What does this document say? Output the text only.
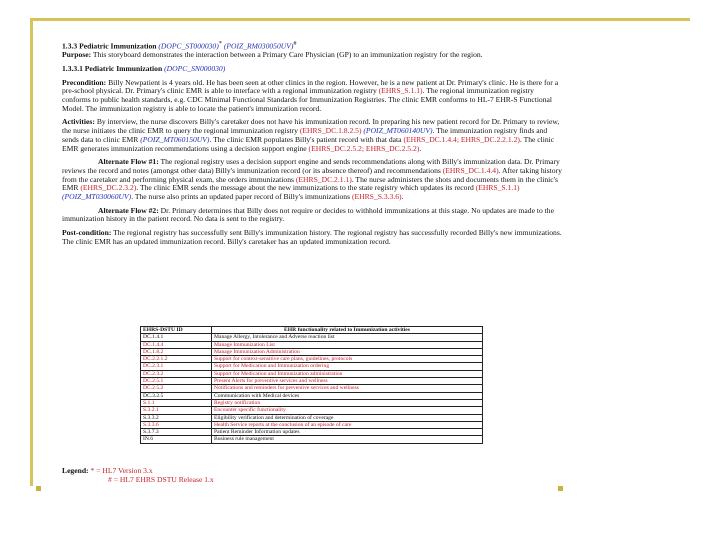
1.3.3 Pediatric Immunization (DOPC_ST000030)* (POIZ_RM030050UV)#
Purpose: This storyboard demonstrates the interaction between a Primary Care Physician (GP) to an immunization registry for the region.

1.3.3.1 Pediatric Immunization (DOPC_SN000030)

Precondition: Billy Newpatient is 4 years old. He has been seen at other clinics in the region. However, he is a new patient at Dr. Primary's clinic. He is there for a pre-school physical. Dr. Primary's clinic EMR is able to interface with a regional immunization registry (EHRS_S.1.1). The regional immunization registry conforms to public health standards, e.g. CDC Minimal Functional Standards for Immunization Registries. The clinic EMR conforms to HL-7 EHR-S Functional Model. The immunization registry is able to locate the patient's immunization record.

Activities: By interview, the nurse discovers Billy's caretaker does not have his immunization record. In preparing his new patient record for Dr. Primary to review, the nurse initiates the clinic EMR to query the regional immunization registry (EHRS_DC.1.8.2.5) (POIZ_MT060140UV). The immunization registry finds and sends data to clinic EMR (POIZ_MT060150UV). The clinic EMR populates Billy's patient record with that data (EHRS_DC.1.4.4; EHRS_DC.2.2.1.2). The clinic EMR generates immunization recommendations using a decision support engine (EHRS_DC.2.5.2; EHRS_DC.2.5.2).

Alternate Flow #1: The regional registry uses a decision support engine and sends recommendations along with Billy's immunization data. Dr. Primary reviews the record and notes (amongst other data) Billy's immunization record (or its absence thereof) and recommendations (EHRS_DC.1.4.4). After taking history from the caretaker and performing physical exam, she orders immunizations (EHRS_DC.2.1.1). The nurse administers the shots and documents them in the clinic's EMR (EHRS_DC.2.3.2). The clinic EMR sends the message about the new immunizations to the state registry which updates its record (EHRS_S.1.1) (POIZ_MT030060UV). The nurse also prints an updated paper record of Billy's immunizations (EHRS_S.3.3.6).

Alternate Flow #2: Dr. Primary determines that Billy does not require or decides to withhold immunizations at this stage. No updates are made to the immunization history in the patient record. No data is sent to the registry.

Post-condition: The regional registry has successfully sent Billy's immunization history. The regional registry has successfully recorded Billy's new immunizations. The clinic EMR has an updated immunization record. Billy's caretaker has an updated immunization record.

EHRS-DSTU ID	EHR functionality related to Immunization activities
DC.1.4.1	Manage Allergy, Intolerance and Adverse reaction list
DC.1.4.4	Manage Immunization List
DC.1.8.2	Manage Immunization Administration
DC.2.2.1.2	Support for context-sensitive care plans, guidelines, protocols
DC.2.3.1	Support for Medication and Immunization ordering
DC.2.3.2	Support for Medication and Immunization administration
DC.2.5.1	Present Alerts for preventive services and wellness
DC.2.5.2	Notifications and reminders for preventive services and wellness
DC.3.2.5	Communication with Medical devices
S.1.1	Registry notification
S.3.2.1	Encounter specific functionality
S.3.3.2	Eligibility verification and determination of coverage
S.3.3.6	Health Service reports at the conclusion of an episode of care
S.3.7.3	Patient Reminder Information updates
IN.6	Business rule management
Legend: * = HL7 Version 3.x
# = HL7 EHRS DSTU Release 1.x
